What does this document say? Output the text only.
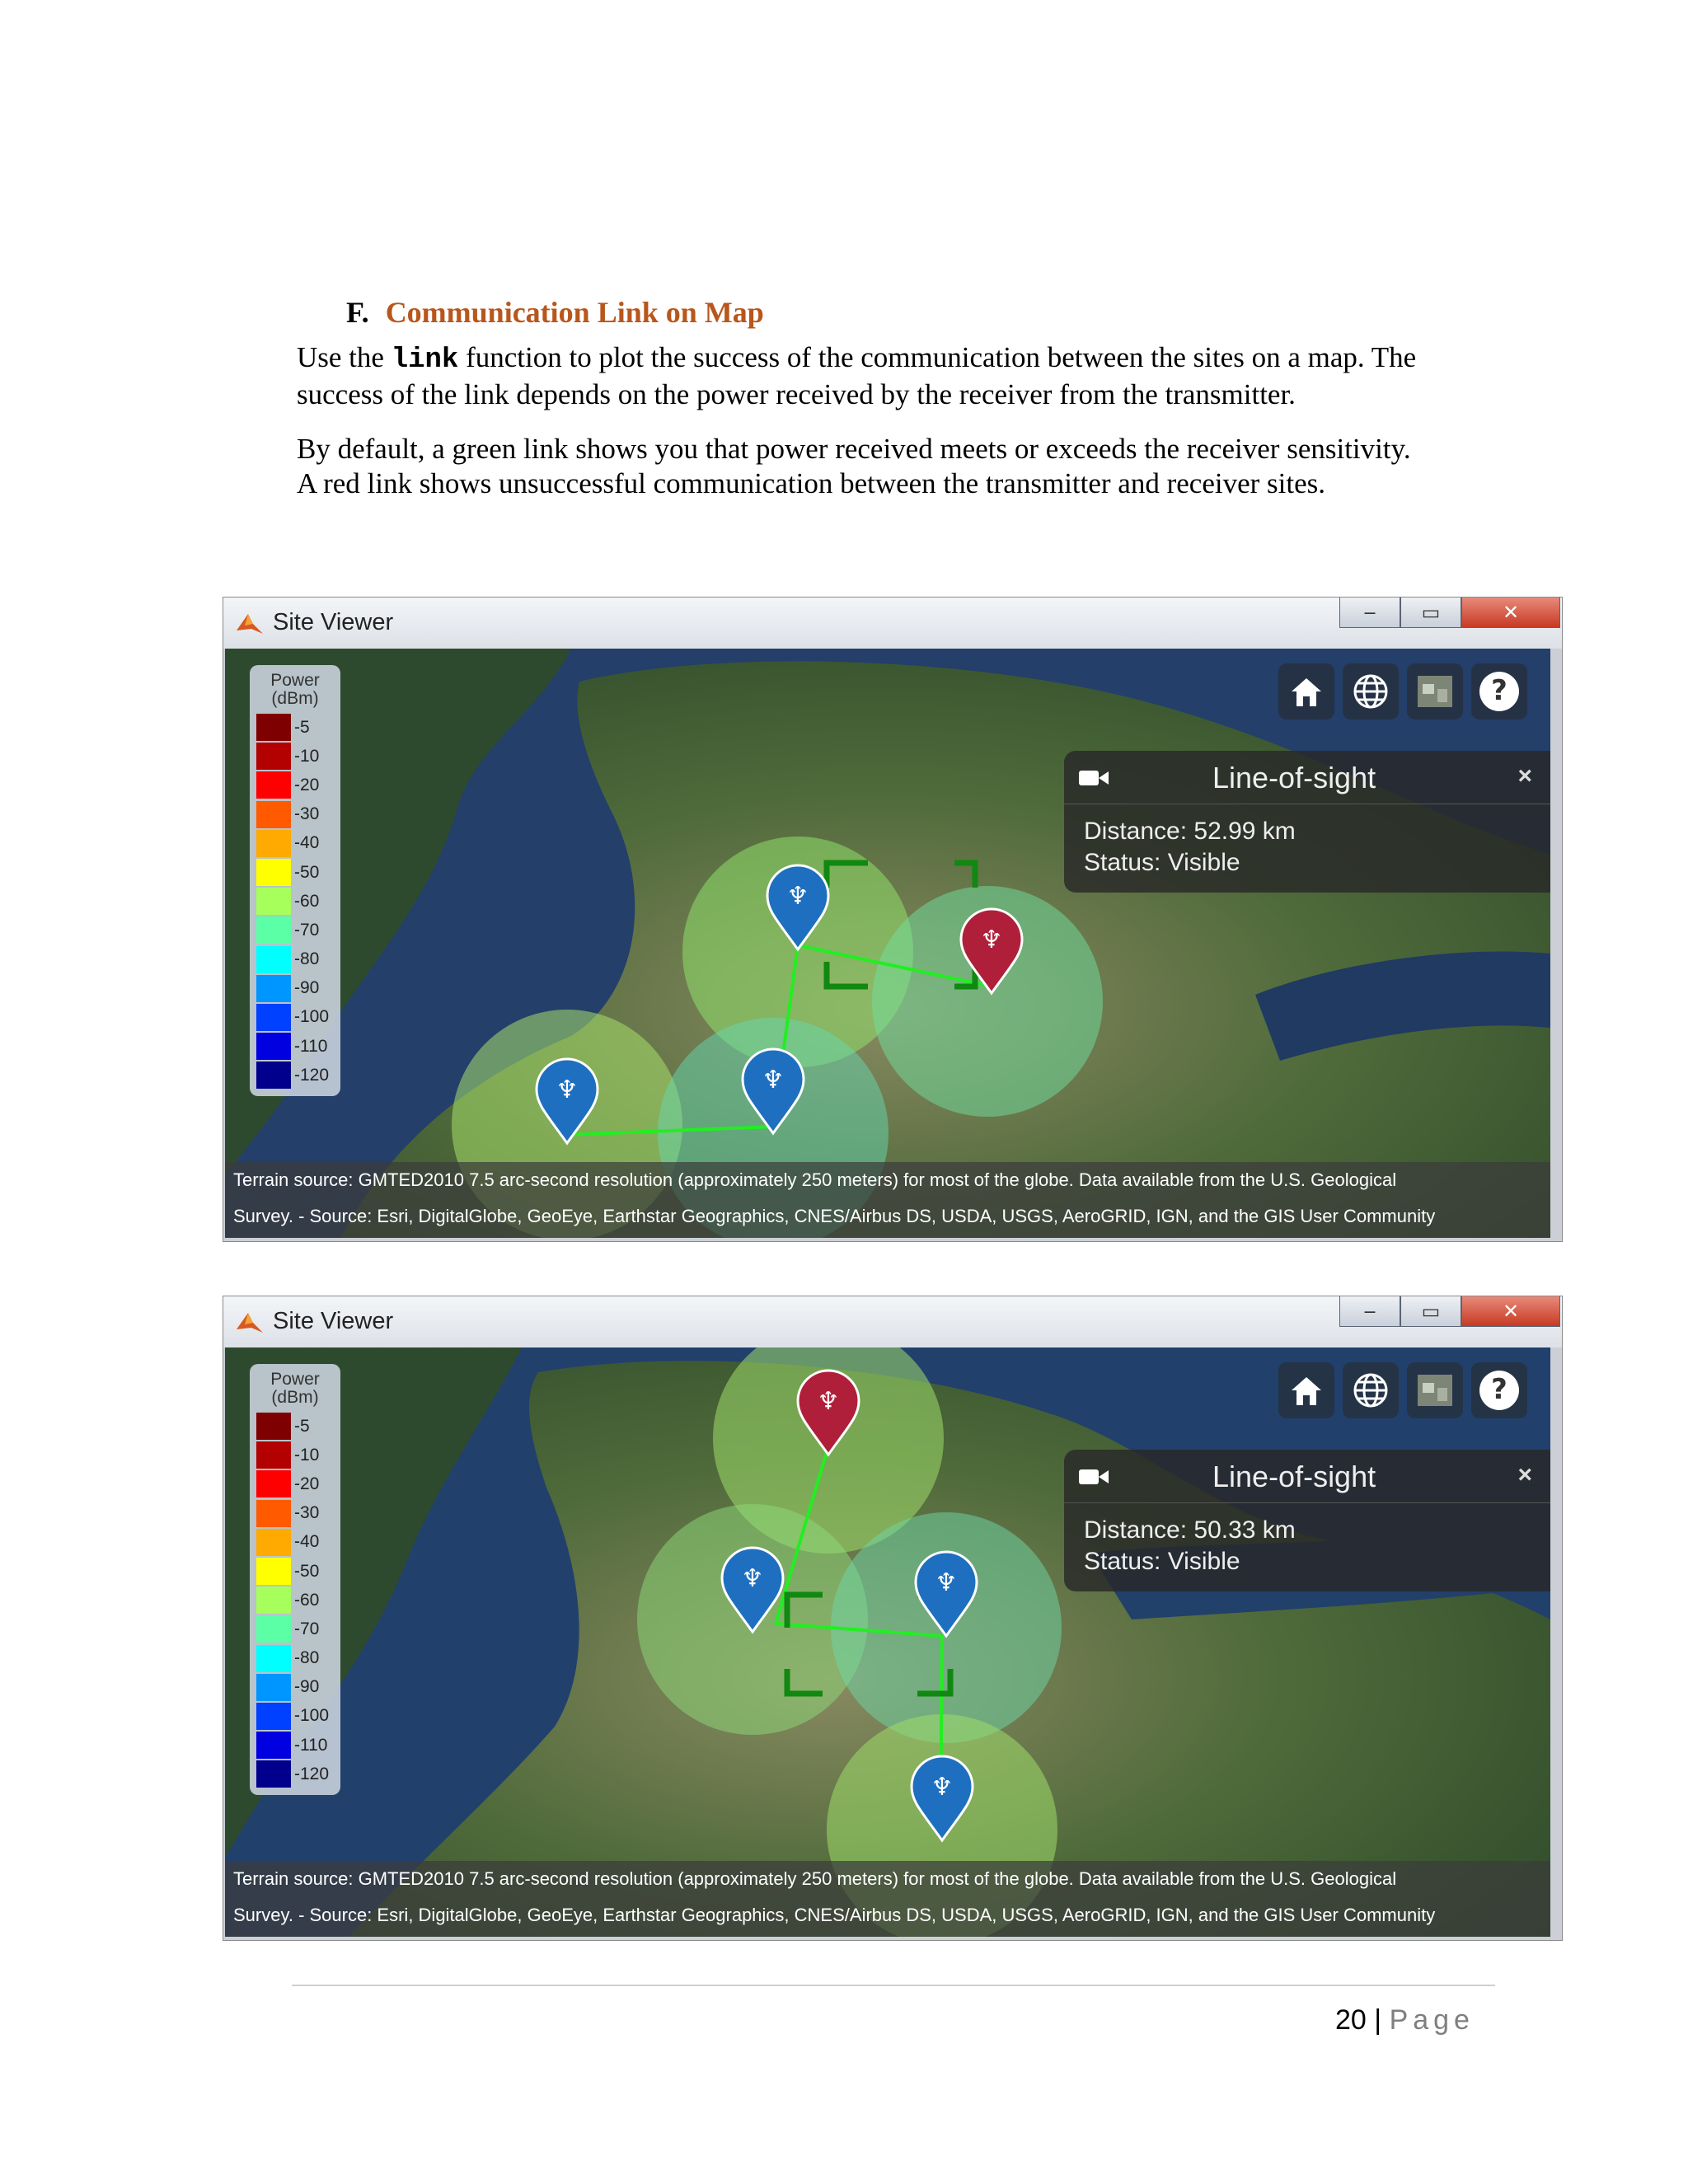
F. Communication Link on Map
Use the link function to plot the success of the communication between the sites on a map. The
success of the link depends on the power received by the receiver from the transmitter.
By default, a green link shows you that power received meets or exceeds the receiver sensitivity.
A red link shows unsuccessful communication between the transmitter and receiver sites.
Site Viewer	‒	▭	✕
♆
♆
♆	♆
Power
(dBm)
-5
-10
-20
-30
-40
-50
-60
-70
-80
-90
-100
-110
-120
?
Line-of-sight	×
Distance: 52.99 km
Status: Visible
Terrain source: GMTED2010 7.5 arc-second resolution (approximately 250 meters) for most of the globe. Data available from the U.S. Geological
Survey. - Source: Esri, DigitalGlobe, GeoEye, Earthstar Geographics, CNES/Airbus DS, USDA, USGS, AeroGRID, IGN, and the GIS User Community
Site Viewer	‒	▭	✕
♆
♆	♆
♆
Power
(dBm)
-5
-10
-20
-30
-40
-50
-60
-70
-80
-90
-100
-110
-120
?
Line-of-sight	×
Distance: 50.33 km
Status: Visible
Terrain source: GMTED2010 7.5 arc-second resolution (approximately 250 meters) for most of the globe. Data available from the U.S. Geological
Survey. - Source: Esri, DigitalGlobe, GeoEye, Earthstar Geographics, CNES/Airbus DS, USDA, USGS, AeroGRID, IGN, and the GIS User Community
20 | Page
